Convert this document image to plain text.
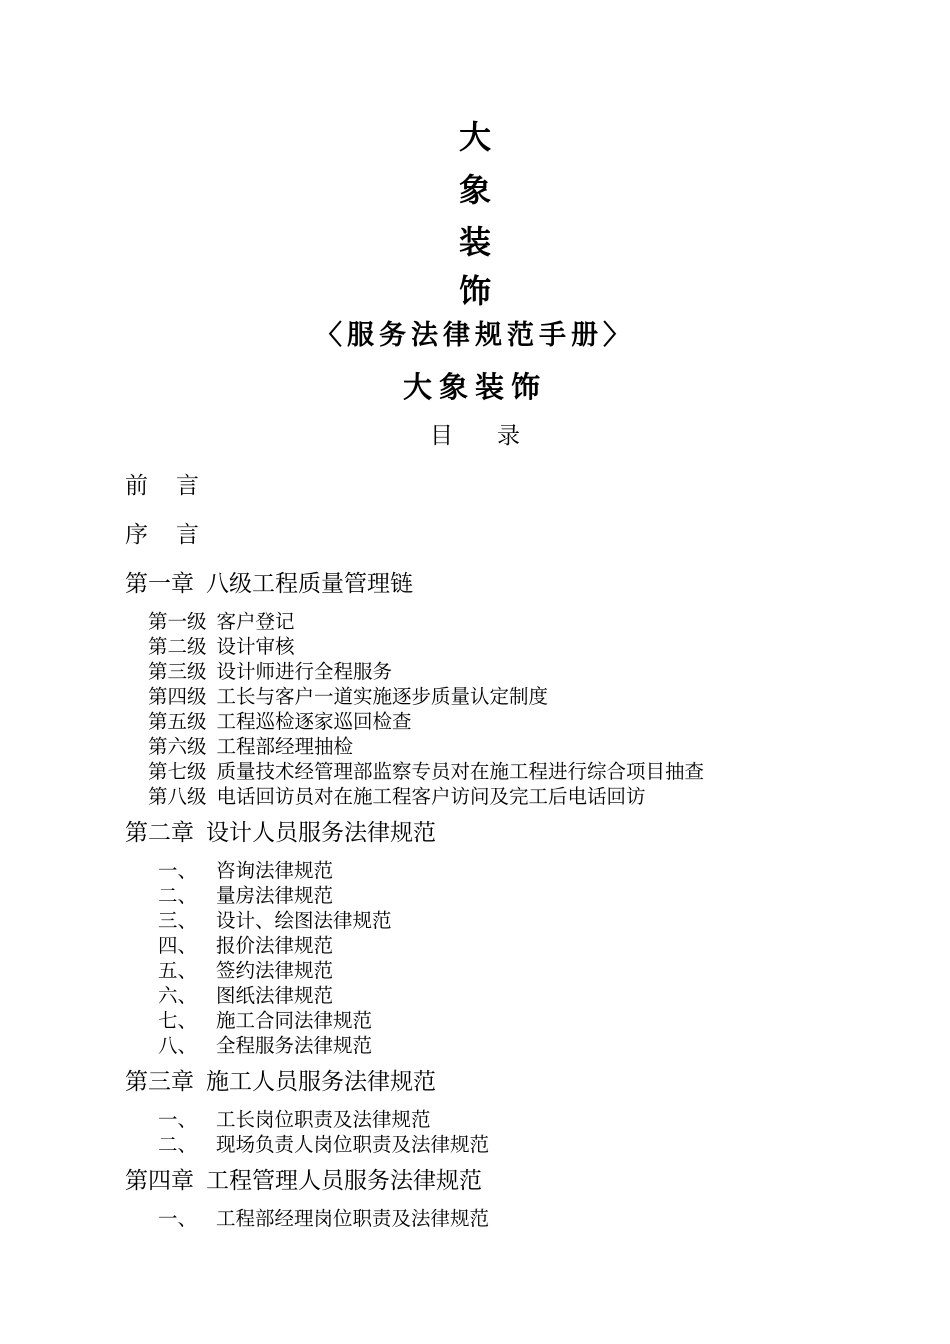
大
象
装
饰
〈服务法律规范手册〉
大象装饰
目 录
前 言
序 言
第一章 八级工程质量管理链
第一级 客户登记
第二级 设计审核
第三级 设计师进行全程服务
第四级 工长与客户一道实施逐步质量认定制度
第五级 工程巡检逐家巡回检查
第六级 工程部经理抽检
第七级 质量技术经管理部监察专员对在施工程进行综合项目抽查
第八级 电话回访员对在施工程客户访问及完工后电话回访
第二章 设计人员服务法律规范
一、 咨询法律规范
二、 量房法律规范
三、 设计、绘图法律规范
四、 报价法律规范
五、 签约法律规范
六、 图纸法律规范
七、 施工合同法律规范
八、 全程服务法律规范
第三章 施工人员服务法律规范
一、 工长岗位职责及法律规范
二、 现场负责人岗位职责及法律规范
第四章 工程管理人员服务法律规范
一、 工程部经理岗位职责及法律规范
